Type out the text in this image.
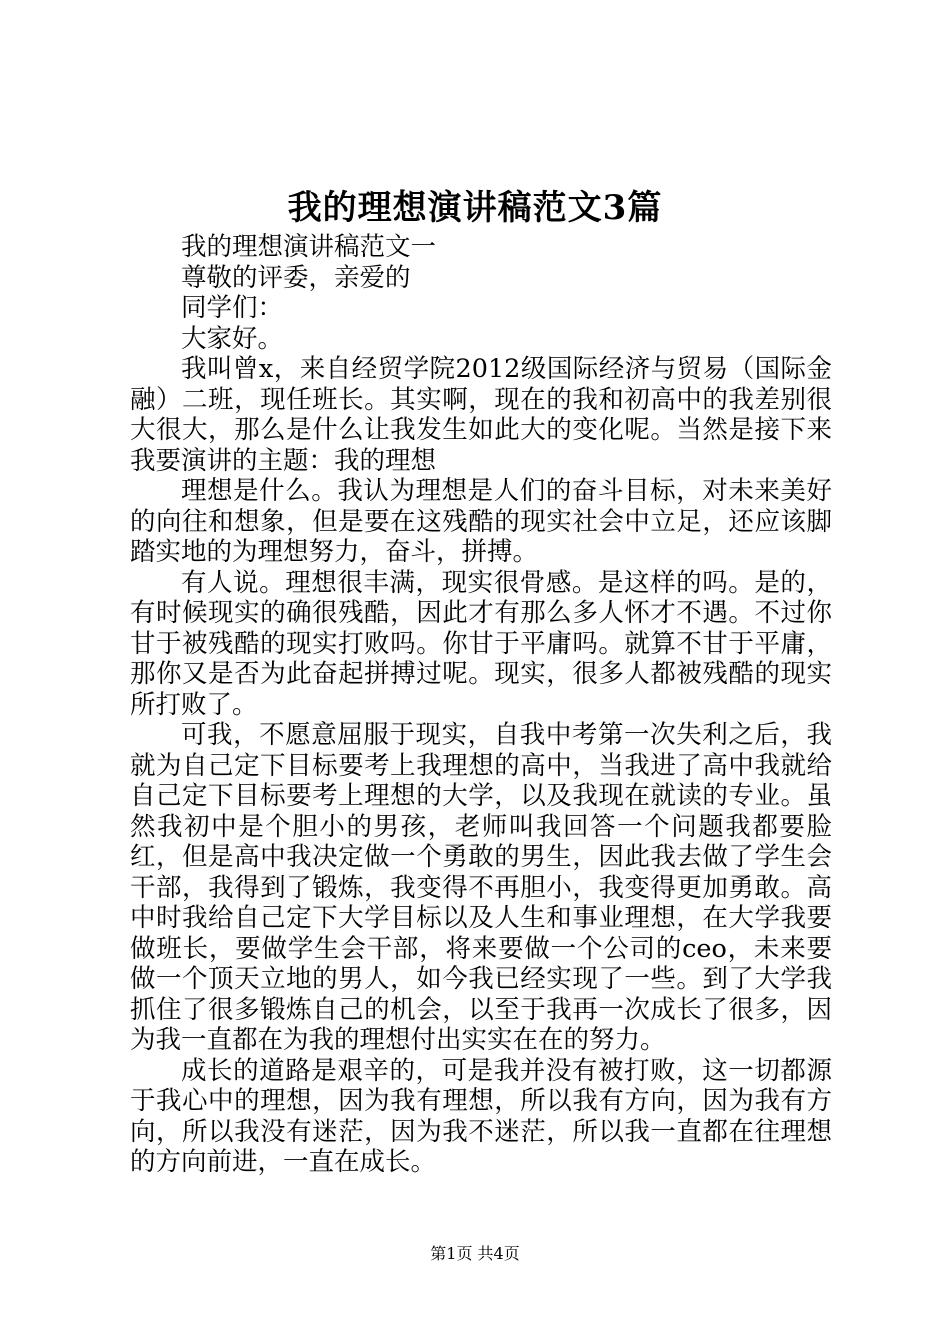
我的理想演讲稿范文3篇

我的理想演讲稿范文一

尊敬的评委，亲爱的

同学们：

大家好。

我叫曾x，来自经贸学院2012级国际经济与贸易（国际金融）二班，现任班长。其实啊，现在的我和初高中的我差别很大很大，那么是什么让我发生如此大的变化呢。当然是接下来我要演讲的主题：我的理想

理想是什么。我认为理想是人们的奋斗目标，对未来美好的向往和想象，但是要在这残酷的现实社会中立足，还应该脚踏实地的为理想努力，奋斗，拼搏。

有人说。理想很丰满，现实很骨感。是这样的吗。是的，有时候现实的确很残酷，因此才有那么多人怀才不遇。不过你甘于被残酷的现实打败吗。你甘于平庸吗。就算不甘于平庸，那你又是否为此奋起拼搏过呢。现实，很多人都被残酷的现实所打败了。

可我，不愿意屈服于现实，自我中考第一次失利之后，我就为自己定下目标要考上我理想的高中，当我进了高中我就给自己定下目标要考上理想的大学，以及我现在就读的专业。虽然我初中是个胆小的男孩，老师叫我回答一个问题我都要脸红，但是高中我决定做一个勇敢的男生，因此我去做了学生会干部，我得到了锻炼，我变得不再胆小，我变得更加勇敢。高中时我给自己定下大学目标以及人生和事业理想，在大学我要做班长，要做学生会干部，将来要做一个公司的ceo，未来要做一个顶天立地的男人，如今我已经实现了一些。到了大学我抓住了很多锻炼自己的机会，以至于我再一次成长了很多，因为我一直都在为我的理想付出实实在在的努力。

成长的道路是艰辛的，可是我并没有被打败，这一切都源于我心中的理想，因为我有理想，所以我有方向，因为我有方向，所以我没有迷茫，因为我不迷茫，所以我一直都在往理想的方向前进，一直在成长。

第1页 共4页
